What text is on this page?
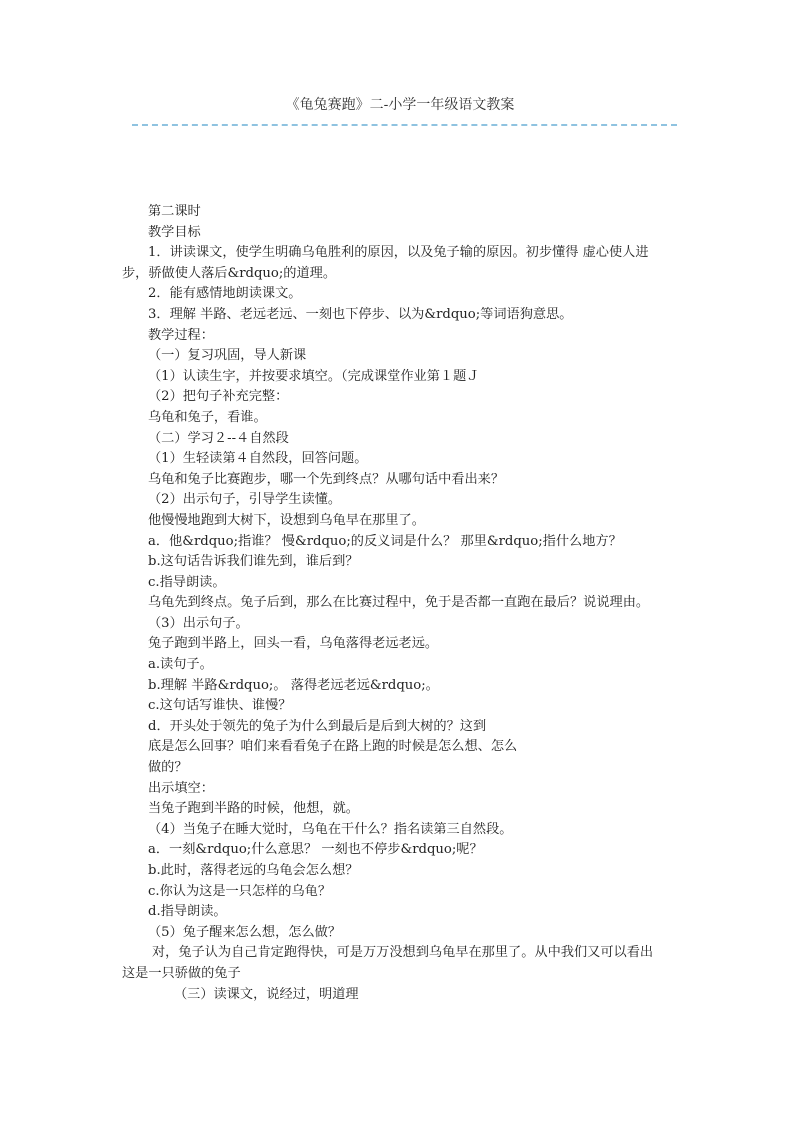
《龟兔赛跑》二-小学一年级语文教案

第二课时

教学目标

1．讲读课文，使学生明确乌龟胜利的原因，以及兔子输的原因。初步懂得 虚心使人进

步，骄做使人落后&rdquo;的道理。

2．能有感情地朗读课文。

3．理解 半路、老远老远、一刻也下停步、以为&rdquo;等词语狗意思。

教学过程：

（一）复习巩固，导人新课

（1）认读生字，并按要求填空。（完成课堂作业第１题Ｊ

（2）把句子补充完整：

乌龟和兔子，看谁。

（二）学习２--４自然段

（1）生轻读第４自然段，回答问题。

乌龟和兔子比赛跑步，哪一个先到终点？从哪句话中看出来？

（2）出示句子，引导学生读懂。

他慢慢地跑到大树下，设想到乌龟早在那里了。

a．他&rdquo;指谁？ 慢&rdquo;的反义词是什么？ 那里&rdquo;指什么地方？

b.这句话告诉我们谁先到，谁后到？

c.指导朗读。

乌龟先到终点。兔子后到，那么在比赛过程中，免于是否都一直跑在最后？说说理由。

（3）出示句子。

兔子跑到半路上，回头一看，乌龟落得老远老远。

a.读句子。

b.理解 半路&rdquo;。 落得老远老远&rdquo;。

c.这句话写谁快、谁慢？

d．开头处于领先的兔子为什么到最后是后到大树的？这到

底是怎么回事？咱们来看看兔子在路上跑的时候是怎么想、怎么

做的？

出示填空：

当兔子跑到半路的时候，他想，就。

（4）当兔子在睡大觉时，乌龟在干什么？指名读第三自然段。

a．一刻&rdquo;什么意思？ 一刻也不停步&rdquo;呢？

b.此时，落得老远的乌龟会怎么想？

c.你认为这是一只怎样的乌龟？

d.指导朗读。

（5）兔子醒来怎么想，怎么做？

对，兔子认为自己肯定跑得快，可是万万没想到乌龟早在那里了。从中我们又可以看出

这是一只骄做的兔子

（三）读课文，说经过，明道理
